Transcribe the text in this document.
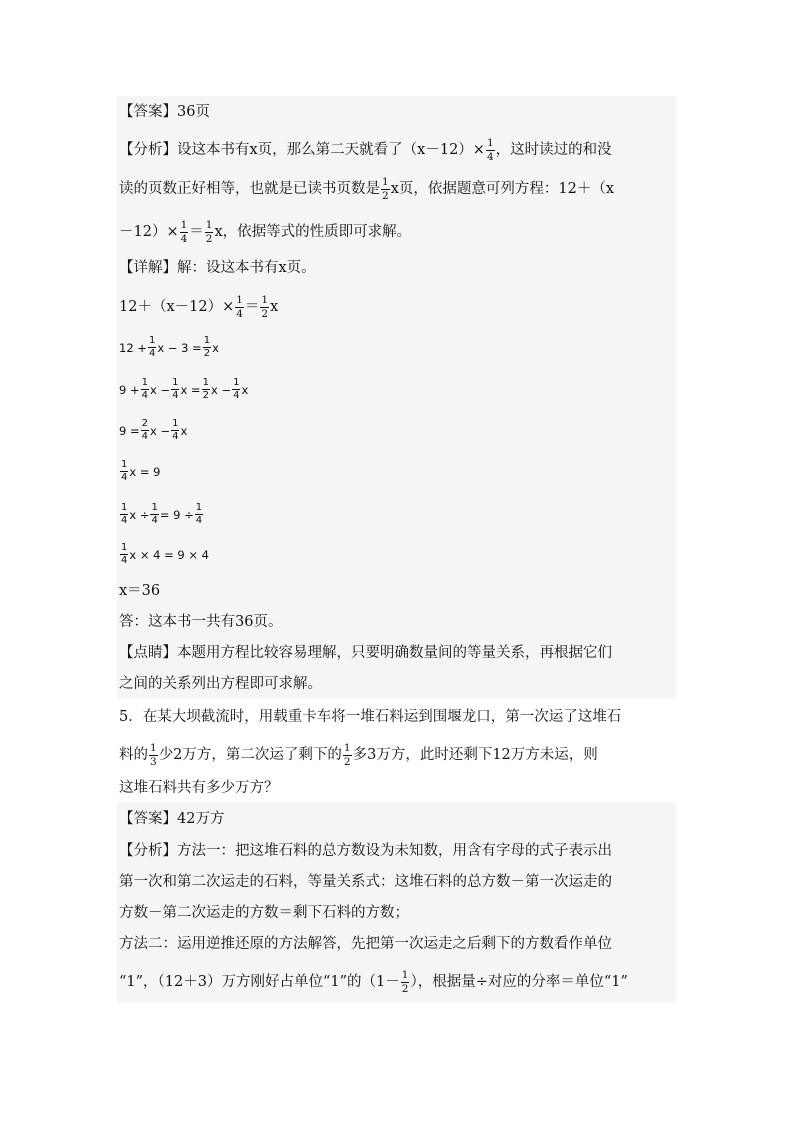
【答案】36页
【分析】设这本书有x页，那么第二天就看了$(x-12)\times \frac{1}{4}$ ，这时读过的和没
读的页数正好相等，也就是已读书页数是 $\frac{1}{2}$ x页，依据题意可列方程：12＋（x
$-12)\times \frac{1}{4} = \frac{1}{2}$ x，依据等式的性质即可求解。
【详解】解：设这本书有x页。
$12+(x-12)\times \frac{1}{4} = \frac{1}{2}$ x
$12 + \frac{1}{4}$ $x - 3 = \frac{1}{2}$ x
$9 + \frac{1}{4}$ $x - \frac{1}{4}$ $x = \frac{1}{2}$ $x - \frac{1}{4}$ x
$9 = \frac{2}{4}$ $x - \frac{1}{4}$ x
$\frac{1}{4}$ x = 9
$\frac{1}{4}$ $x \div \frac{1}{4} = 9 \div \frac{1}{4}$
$\frac{1}{4}$ x × 4 = 9 × 4
x＝36
答：这本书一共有36页。
【点睛】本题用方程比较容易理解，只要明确数量间的等量关系，再根据它们
之间的关系列出方程即可求解。
5．在某大坝截流时，用载重卡车将一堆石料运到围堰龙口，第一次运了这堆石
料的 $\frac{1}{3}$ 少2万方，第二次运了剩下的 $\frac{1}{2}$ 多3万方，此时还剩下12万方未运，则
这堆石料共有多少万方？
【答案】42万方
【分析】方法一：把这堆石料的总方数设为未知数，用含有字母的式子表示出
第一次和第二次运走的石料，等量关系式：这堆石料的总方数－第一次运走的
方数－第二次运走的方数＝剩下石料的方数；
方法二：运用逆推还原的方法解答，先把第一次运走之后剩下的方数看作单位
“1”，（12＋3）万方刚好占单位“1”的（$1- \frac{1}{2}$ ），根据量÷对应的分率＝单位“1”
